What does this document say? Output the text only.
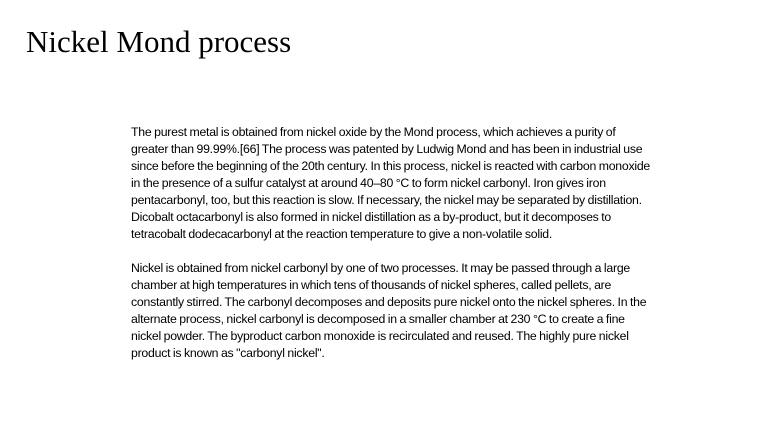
Nickel Mond process

The purest metal is obtained from nickel oxide by the Mond process, which achieves a purity of greater than 99.99%.[66] The process was patented by Ludwig Mond and has been in industrial use since before the beginning of the 20th century. In this process, nickel is reacted with carbon monoxide in the presence of a sulfur catalyst at around 40–80 °C to form nickel carbonyl. Iron gives iron pentacarbonyl, too, but this reaction is slow. If necessary, the nickel may be separated by distillation. Dicobalt octacarbonyl is also formed in nickel distillation as a by-product, but it decomposes to tetracobalt dodecacarbonyl at the reaction temperature to give a non-volatile solid.

Nickel is obtained from nickel carbonyl by one of two processes. It may be passed through a large chamber at high temperatures in which tens of thousands of nickel spheres, called pellets, are constantly stirred. The carbonyl decomposes and deposits pure nickel onto the nickel spheres. In the alternate process, nickel carbonyl is decomposed in a smaller chamber at 230 °C to create a fine nickel powder. The byproduct carbon monoxide is recirculated and reused. The highly pure nickel product is known as "carbonyl nickel".
